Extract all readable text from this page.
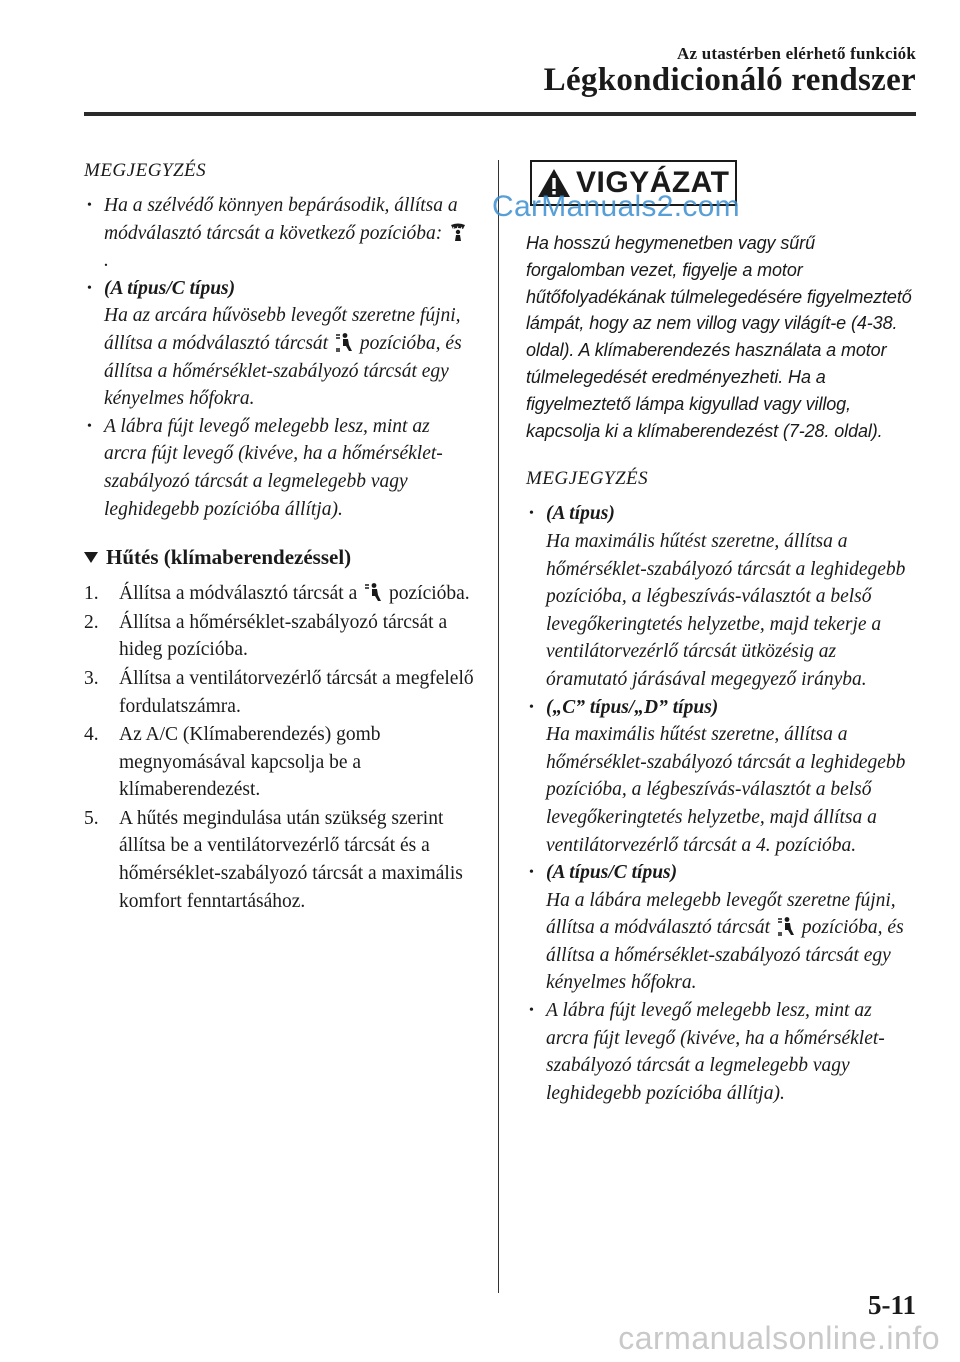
Az utastérben elérhető funkciók
Légkondicionáló rendszer

MEGJEGYZÉS

• Ha a szélvédő könnyen bepárásodik, állítsa a módválasztó tárcsát a következő pozícióba: .
• (A típus/C típus)
Ha az arcára hűvösebb levegőt szeretne fújni, állítsa a módválasztó tárcsát pozícióba, és állítsa a hőmérséklet-szabályozó tárcsát egy kényelmes hőfokra.
• A lábra fújt levegő melegebb lesz, mint az arcra fújt levegő (kivéve, ha a hőmérséklet-szabályozó tárcsát a legmelegebb vagy leghidegebb pozícióba állítja).
Hűtés (klímaberendezéssel)
1. Állítsa a módválasztó tárcsát a pozícióba.
2. Állítsa a hőmérséklet-szabályozó tárcsát a hideg pozícióba.
3. Állítsa a ventilátorvezérlő tárcsát a megfelelő fordulatszámra.
4. Az A/C (Klímaberendezés) gomb megnyomásával kapcsolja be a klímaberendezést.
5. A hűtés megindulása után szükség szerint állítsa be a ventilátorvezérlő tárcsát és a hőmérséklet-szabályozó tárcsát a maximális komfort fenntartásához.
VIGYÁZAT

Ha hosszú hegymenetben vagy sűrű forgalomban vezet, figyelje a motor hűtőfolyadékának túlmelegedésére figyelmeztető lámpát, hogy az nem villog vagy világít-e (4-38. oldal). A klímaberendezés használata a motor túlmelegedését eredményezheti. Ha a figyelmeztető lámpa kigyullad vagy villog, kapcsolja ki a klímaberendezést (7-28. oldal).

MEGJEGYZÉS

• (A típus)
Ha maximális hűtést szeretne, állítsa a hőmérséklet-szabályozó tárcsát a leghidegebb pozícióba, a légbeszívás-választót a belső levegőkeringtetés helyzetbe, majd tekerje a ventilátorvezérlő tárcsát ütközésig az óramutató járásával megegyező irányba.
• („C” típus/„D” típus)
Ha maximális hűtést szeretne, állítsa a hőmérséklet-szabályozó tárcsát a leghidegebb pozícióba, a légbeszívás-választót a belső levegőkeringtetés helyzetbe, majd állítsa a ventilátorvezérlő tárcsát a 4. pozícióba.
• (A típus/C típus)
Ha a lábára melegebb levegőt szeretne fújni, állítsa a módválasztó tárcsát pozícióba, és állítsa a hőmérséklet-szabályozó tárcsát egy kényelmes hőfokra.
• A lábra fújt levegő melegebb lesz, mint az arcra fújt levegő (kivéve, ha a hőmérséklet- szabályozó tárcsát a legmelegebb vagy leghidegebb pozícióba állítja).
CarManuals2.com
5-11
carmanualsonline.info
